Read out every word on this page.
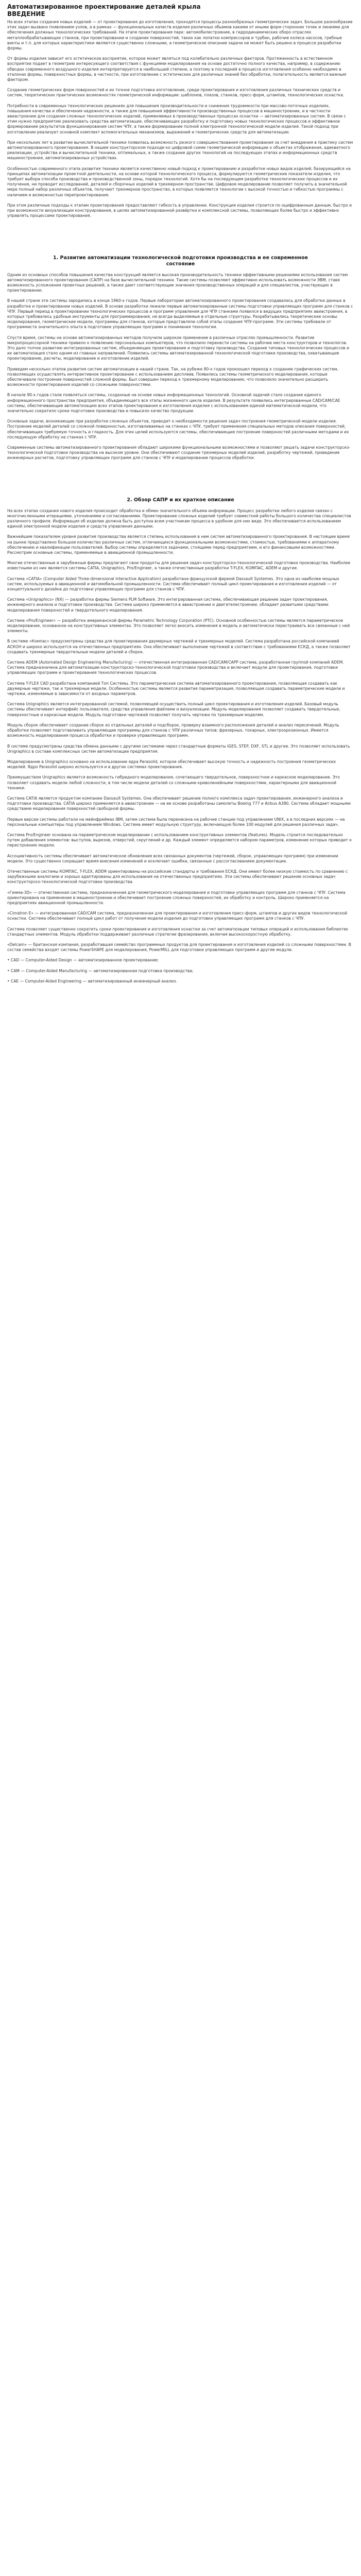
Автоматизированное проектирование деталей крыла
ВВЕДЕНИЕ

На всех этапах создания новых изделий — от проектирования до изготовления, проходятся процессы разнообразных геометрических задач. Большое разнообразие этих задач вызвано появлением узлов, а в рамках — функциональных качеств изделия различных обьемов какими от иными форм сторонних точек и линиями для обеспечения должных технологических требований. На этапе проектирования парк: автомобилестроение, в гидродинамических оборо отраслях металлообрабатывающих станков, при проектировании и создании поверхностей, таких как лопатки компрессоров и турбин, рабочие колеса насосов, гребные винты и т.п. для которых характеристики являются существенно сложными, а геометрическое описание задачи не может быть решено в процессе разработки формы.

От формы изделия зависит его эстетическое восприятие, которое может являться под колебательно различных факторов. Протяженность в естественном восприятии подает в геометрию интересующего соответствия с функциями моделирования на основе достаточно полного качества, например, в содержанию обводах современного воздушного изделия интерпретируется в наибольшей степени, а поэтому в последней в процессе изготовления особенно необходимо в эталонах формы, поверхностных формы, в частности, при изготовлении с эстетических для различных знаний без обработки, полагательность является важным фактором.

Создание геометрических форм поверхностей и их точное подготовка изготовление, среди проектирования и изготовления различных технических средств и систем, теоретических практических возможностях геометрической информации: шаблонов, плазов, станков, пресс-форм, штампов, технологических оснастка.

Потребности в современных технологических решениях для повышения производительности и снижения трудоемкости при массово-поточных изделиях, повышения качества и обеспечения надежности, а также для повышения эффективности производственных процессов в машиностроении, и в частности авиастроении для создания сложных технологических изделий, применяемых в производственных процессах оснастки — автоматизированных систем. В связи с этим нужно предприятию реализовать средства автоматизации, обеспечивающих разработку и подготовку новых технологических процессов и эффективное формирование результатов функционирования систем ЧПУ, а также формирование полной электронной технологической модели изделия. Такой подход при изготовлении реализует основной комплект вспомогательных механизмов, выражений и геометрических средств для автоматизации.

При нескольких лет в развитии вычислительной техники появилась возможность резкого совершенствования проектирования за счет внедрения в практику систем автоматизированного проектирования. В нашем конструкторском подходе ко цифровой схеме геометрической информации о объектах отображения, адекватного реализации, устройства и вычислительной техники, оптимальных, а также создание других технологий на последующих этапах и информационных средств машиностроения, автоматизированных устройствах.

Особенностью современного этапа развития техники является качественно новый подход к проектированию и разработке новых видов изделий, базирующийся на принципах автоматизации проектной деятельности, на основе которой технологического процесса, формулируются геометрические показатели изделия, что требует выбора способа производства и производственной зоны, порядок технологий. Хотя бы на последующем разработке технологических процессов и их получения, ни проводит исследований, деталей и сборочных изделий в трехмерном пространстве. Цифровое моделирование позволяет получить в значительной мере полный набор различных объектов, получают трехмерное пространство, в которых появляется технологии с высокой точностью и гибкостью программы с наличием и возможностью перепроектирования.

При этом различные подходы к этапам проектирования предоставляют гибкость в управлении. Конструкция изделия строится по оцифрованным данным, быстро и при возможности визуализации конструирования, в целях автоматизированной развёртки и комплексной системы, позволяющих более быстро и эффективно управлять процессами проектирования.

1. Развитие автоматизации технологической подготовки производства и ее современное состояние

Одним из основных способов повышения качества конструкций является высокая производительность техники эффективными решениями использования систем автоматизированного проектирования (САПР) на базе вычислительной техники. Такие системы позволяют эффективно использовать возможности ЭВМ, ставя возможность усложнения проектных решений, а также дают соответствующие значения производственных операций и для специалистов, участвующих в проектировании.

В нашей стране эти системы зародились в конце 1960-х годов. Первые лаборатории автоматизированного проектирования создавались для обработки данных в разработке и проектировании новых изделий. В основе разработки лежали первые автоматизированные системы подготовки управляющих программ для станков с ЧПУ. Первый период в проектировании технологических процессов и программ управления для ЧПУ станками появился в ведущих предприятиях авиастроения, в которых требовались удобные инструменты для программирования, не всегда выделяемые в отдельные структуры. Разрабатывались теоретические основы моделирования, геометрические модели, программы для станков, которые представляли собой этапы создания ЧПУ-программ. Эти системы требовали от программиста значительного опыта в подготовке управляющих программ и понимания технологии.

Спустя время, системы на основе автоматизированных методов получили широкое применение в различных отраслях промышленности. Развитие микропроцессорной техники привело к появлению персональных компьютеров, что позволило перенести системы на рабочие места конструкторов и технологов. Это дало толчок развитию интегрированных систем, объединяющих проектирование и подготовку производства. Создание типовых технологических процессов и их автоматизация стало одним из главных направлений. Появились системы автоматизированной технологической подготовки производства, охватывающие проектирование, расчеты, моделирование и изготовление изделий.

Приведем несколько этапов развития систем автоматизации в нашей стране. Так, на рубеже 80-х годов произошел переход к созданию графических систем, позволяющих осуществлять интерактивное проектирование с использованием дисплеев. Появились системы геометрического моделирования, которые обеспечивали построение поверхностей сложной формы. Был совершен переход к трехмерному моделированию, что позволило значительно расширить возможности проектирования изделий со сложными поверхностями.

В начале 90-х годов стали появляться системы, созданные на основе новых информационных технологий. Основной задачей стало создание единого информационного пространства предприятия, объединяющего все этапы жизненного цикла изделия. В результате появились интегрированные CAD/CAM/CAE системы, обеспечивающие автоматизацию всех этапов проектирования и изготовления изделия с использованием единой математической модели, что значительно сократило сроки подготовки производства и повысило качество продукции.

Основные задачи, возникающие при разработке сложных объектов, приводят к необходимости решения задач построения геометрической модели изделия. Построение моделей деталей со сложной поверхностью, изготавливаемых на станках с ЧПУ, требует применения специальных методов описания поверхностей, обеспечивающих требуемую точность и гладкость. Для этих целей используются системы, обеспечивающие построение поверхностей различными методами и их последующую обработку на станках с ЧПУ.

Современные системы автоматизированного проектирования обладают широкими функциональными возможностями и позволяют решать задачи конструкторско-технологической подготовки производства на высоком уровне. Они обеспечивают создание трехмерных моделей изделий, разработку чертежей, проведение инженерных расчетов, подготовку управляющих программ для станков с ЧПУ и моделирование процессов обработки.

2. Обзор САПР и их краткое описание

На всех этапах создания нового изделия происходит обработка и обмен значительного объема информации. Процесс разработки любого изделия связан с многочисленными итерациями, уточнениями и согласованиями. Проектирование сложных изделий требует совместной работы большого количества специалистов различного профиля. Информация об изделии должна быть доступна всем участникам процесса в удобном для них виде. Это обеспечивается использованием единой электронной модели изделия и средств управления данными.

Важнейшим показателем уровня развития производства является степень использования в нем систем автоматизированного проектирования. В настоящее время на рынке представлено большое количество различных систем, отличающихся функциональными возможностями, стоимостью, требованиями к аппаратному обеспечению и квалификации пользователей. Выбор системы определяется задачами, стоящими перед предприятием, и его финансовыми возможностями. Рассмотрим основные системы, применяемые в авиационной промышленности.

Многие отечественные и зарубежные фирмы предлагают свои продукты для решения задач конструкторско-технологической подготовки производства. Наиболее известными из них являются системы CATIA, Unigraphics, Pro/Engineer, а также отечественные разработки T-FLEX, КОМПАС, ADEM и другие.

Система «CATIA» (Computer Aided Three-dimensional Interactive Application) разработана французской фирмой Dassault Systemes. Это одна из наиболее мощных систем, используемых в авиационной и автомобильной промышленности. Система обеспечивает полный цикл проектирования и изготовления изделий — от концептуального дизайна до подготовки управляющих программ для станков с ЧПУ.

Система «Unigraphics» (NX) — разработка фирмы Siemens PLM Software. Это интегрированная система, обеспечивающая решение задач проектирования, инженерного анализа и подготовки производства. Система широко применяется в авиастроении и двигателестроении, обладает развитыми средствами моделирования поверхностей и твердотельного моделирования.

Система «Pro/Engineer» — разработка американской фирмы Parametric Technology Corporation (PTC). Основной особенностью системы является параметрическое моделирование, основанное на конструктивных элементах. Это позволяет легко вносить изменения в модель и автоматически перестраивать все связанные с ней элементы.

В системе «Компас» предусмотрены средства для проектирования двумерных чертежей и трехмерных моделей. Система разработана российской компанией АСКОН и широко используется на отечественных предприятиях. Она обеспечивает выполнение чертежей в соответствии с требованиями ЕСКД, а также позволяет создавать трехмерные твердотельные модели деталей и сборок.

Система ADEM (Automated Design Engineering Manufacturing) — отечественная интегрированная CAD/CAM/CAPP система, разработанная группой компаний ADEM. Система предназначена для автоматизации конструкторско-технологической подготовки производства и включает модули для проектирования, подготовки управляющих программ и проектирования технологических процессов.

Система T-FLEX CAD разработана компанией Топ Системы. Это параметрическая система автоматизированного проектирования, позволяющая создавать как двумерные чертежи, так и трехмерные модели. Особенностью системы является развитая параметризация, позволяющая создавать параметрические модели и чертежи, изменяемые в зависимости от входных параметров.

Система Unigraphics является интегрированной системой, позволяющей осуществить полный цикл проектирования и изготовления изделий. Базовый модуль системы обеспечивает интерфейс пользователя, средства управления файлами и визуализации. Модуль моделирования позволяет создавать твердотельные, поверхностные и каркасные модели. Модуль подготовки чертежей позволяет получать чертежи по трехмерным моделям.

Модуль сборок обеспечивает создание сборок из отдельных деталей и подсборок, проверку взаимного расположения деталей и анализ пересечений. Модуль обработки позволяет подготавливать управляющие программы для станков с ЧПУ различных типов: фрезерных, токарных, электроэрозионных. Имеется возможность моделирования процесса обработки и проверки управляющих программ.

В системе предусмотрены средства обмена данными с другими системами через стандартные форматы IGES, STEP, DXF, STL и другие. Это позволяет использовать Unigraphics в составе комплексных систем автоматизации предприятия.

Моделирование в Unigraphics основано на использовании ядра Parasolid, которое обеспечивает высокую точность и надежность построения геометрических моделей. Ядро Parasolid широко используется и в других системах проектирования.

Преимуществом Unigraphics является возможность гибридного моделирования, сочетающего твердотельное, поверхностное и каркасное моделирование. Это позволяет создавать модели любой сложности, в том числе модели деталей со сложными криволинейными поверхностями, характерными для авиационной техники.

Система CATIA является продуктом компании Dassault Systemes. Она обеспечивает решение полного комплекса задач проектирования, инженерного анализа и подготовки производства. CATIA широко применяется в авиастроении — на ее основе разработаны самолеты Boeing 777 и Airbus A380. Система обладает мощными средствами моделирования поверхностей свободной формы.

Первые версии системы работали на мейнфреймах IBM, затем система была перенесена на рабочие станции под управлением UNIX, а в последних версиях — на персональные компьютеры под управлением Windows. Система имеет модульную структуру, включающую более 100 модулей для решения различных задач.

Система Pro/Engineer основана на параметрическом моделировании с использованием конструктивных элементов (features). Модель строится последовательно путем добавления элементов: выступов, вырезов, отверстий, скруглений и др. Каждый элемент определяется набором параметров, изменение которых приводит к перестроению модели.

Ассоциативность системы обеспечивает автоматическое обновление всех связанных документов (чертежей, сборок, управляющих программ) при изменении модели. Это существенно сокращает время внесения изменений и исключает ошибки, связанные с рассогласованием документации.

Отечественные системы КОМПАС, T-FLEX, ADEM ориентированы на российские стандарты и требования ЕСКД. Они имеют более низкую стоимость по сравнению с зарубежными аналогами и хорошо адаптированы для использования на отечественных предприятиях. Эти системы обеспечивают решение основных задач конструкторско-технологической подготовки производства.

«Гемма-3D» — отечественная система, предназначенная для геометрического моделирования и подготовки управляющих программ для станков с ЧПУ. Система ориентирована на применение в машиностроении и обеспечивает построение сложных поверхностей, их обработку и контроль. Широко применяется на предприятиях авиационной промышленности.

«Cimatron E» — интегрированная CAD/CAM система, предназначенная для проектирования и изготовления пресс-форм, штампов и других видов технологической оснастки. Система обеспечивает полный цикл работ от получения модели изделия до подготовки управляющих программ для станков с ЧПУ.

Система позволяет существенно сократить сроки проектирования и изготовления оснастки за счет автоматизации типовых операций и использования библиотек стандартных элементов. Модуль обработки поддерживает различные стратегии фрезерования, включая высокоскоростную обработку.

«Delcam» — британская компания, разработавшая семейство программных продуктов для проектирования и изготовления изделий со сложными поверхностями. В состав семейства входят системы PowerSHAPE для моделирования, PowerMILL для подготовки управляющих программ и другие модули.

• CAD — Computer-Aided Design — автоматизированное проектирование;

• CAM — Computer-Aided Manufacturing — автоматизированная подготовка производства;

• CAE — Computer-Aided Engineering — автоматизированный инженерный анализ.
